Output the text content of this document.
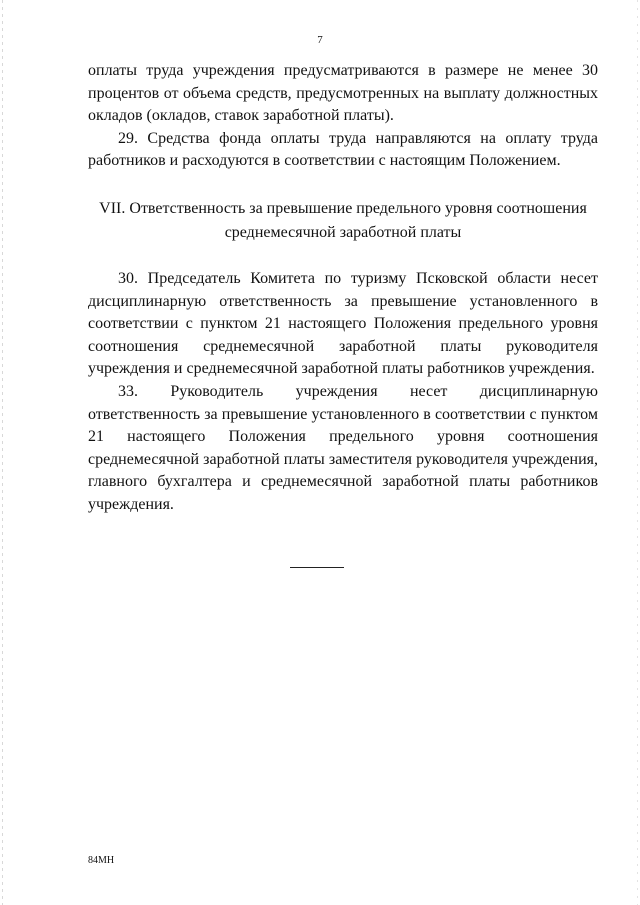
7

оплаты труда учреждения предусматриваются в размере не менее 30 процентов от объема средств, предусмотренных на выплату должностных окладов (окладов, ставок заработной платы).

29. Средства фонда оплаты труда направляются на оплату труда работников и расходуются в соответствии с настоящим Положением.

VII. Ответственность за превышение предельного уровня соотношения среднемесячной заработной платы

30. Председатель Комитета по туризму Псковской области несет дисциплинарную ответственность за превышение установленного в соответствии с пунктом 21 настоящего Положения предельного уровня соотношения среднемесячной заработной платы руководителя учреждения и среднемесячной заработной платы работников учреждения.

33. Руководитель учреждения несет дисциплинарную ответственность за превышение установленного в соответствии с пунктом 21 настоящего Положения предельного уровня соотношения среднемесячной заработной платы заместителя руководителя учреждения, главного бухгалтера и среднемесячной заработной платы работников учреждения.

84МН
